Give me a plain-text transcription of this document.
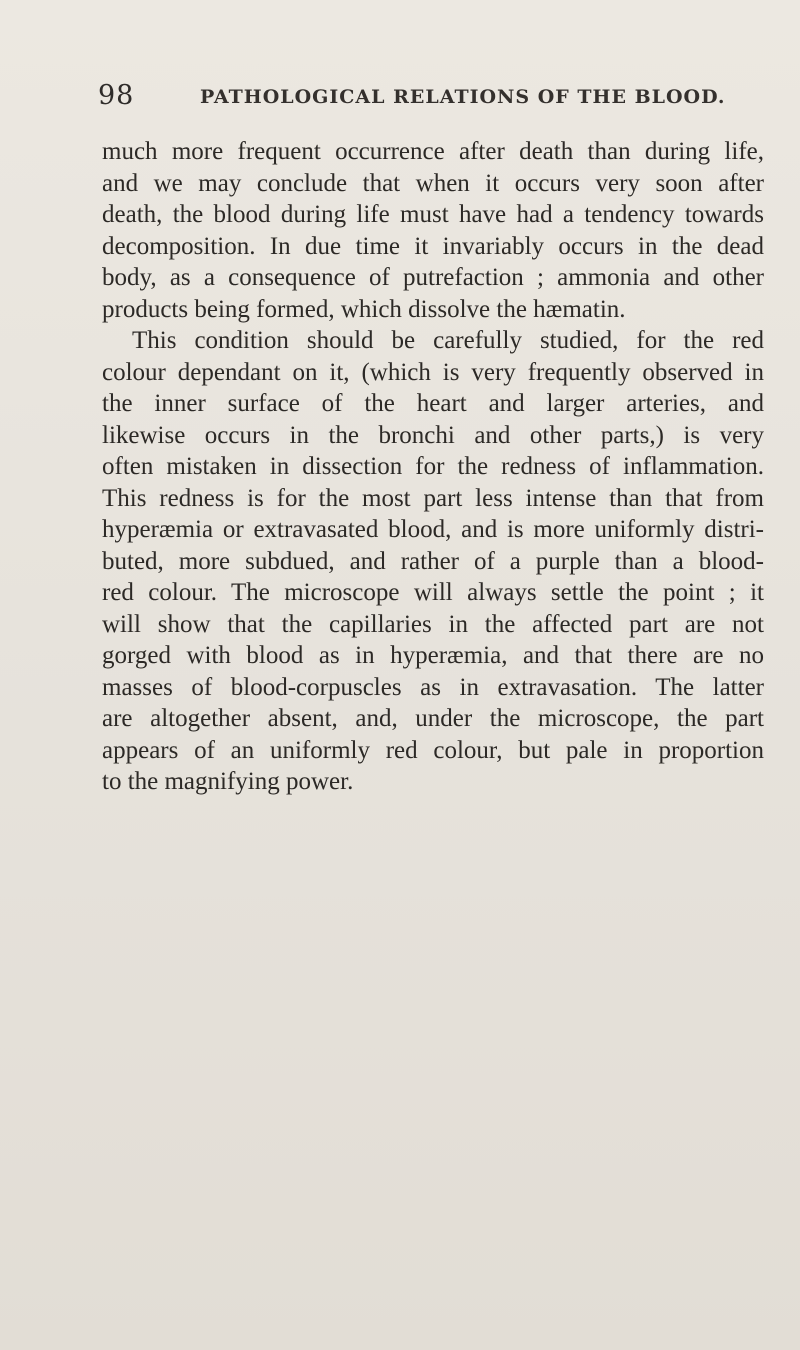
98	PATHOLOGICAL RELATIONS OF THE BLOOD.

much more frequent occurrence after death than during life,

and we may conclude that when it occurs very soon after

death, the blood during life must have had a tendency towards

decomposition. In due time it invariably occurs in the dead

body, as a consequence of putrefaction ; ammonia and other

products being formed, which dissolve the hæmatin.

This condition should be carefully studied, for the red

colour dependant on it, (which is very frequently observed in

the inner surface of the heart and larger arteries, and

likewise occurs in the bronchi and other parts,) is very

often mistaken in dissection for the redness of inflammation.

This redness is for the most part less intense than that from

hyperæmia or extravasated blood, and is more uniformly distri-

buted, more subdued, and rather of a purple than a blood-

red colour. The microscope will always settle the point ; it

will show that the capillaries in the affected part are not

gorged with blood as in hyperæmia, and that there are no

masses of blood-corpuscles as in extravasation. The latter

are altogether absent, and, under the microscope, the part

appears of an uniformly red colour, but pale in proportion

to the magnifying power.
